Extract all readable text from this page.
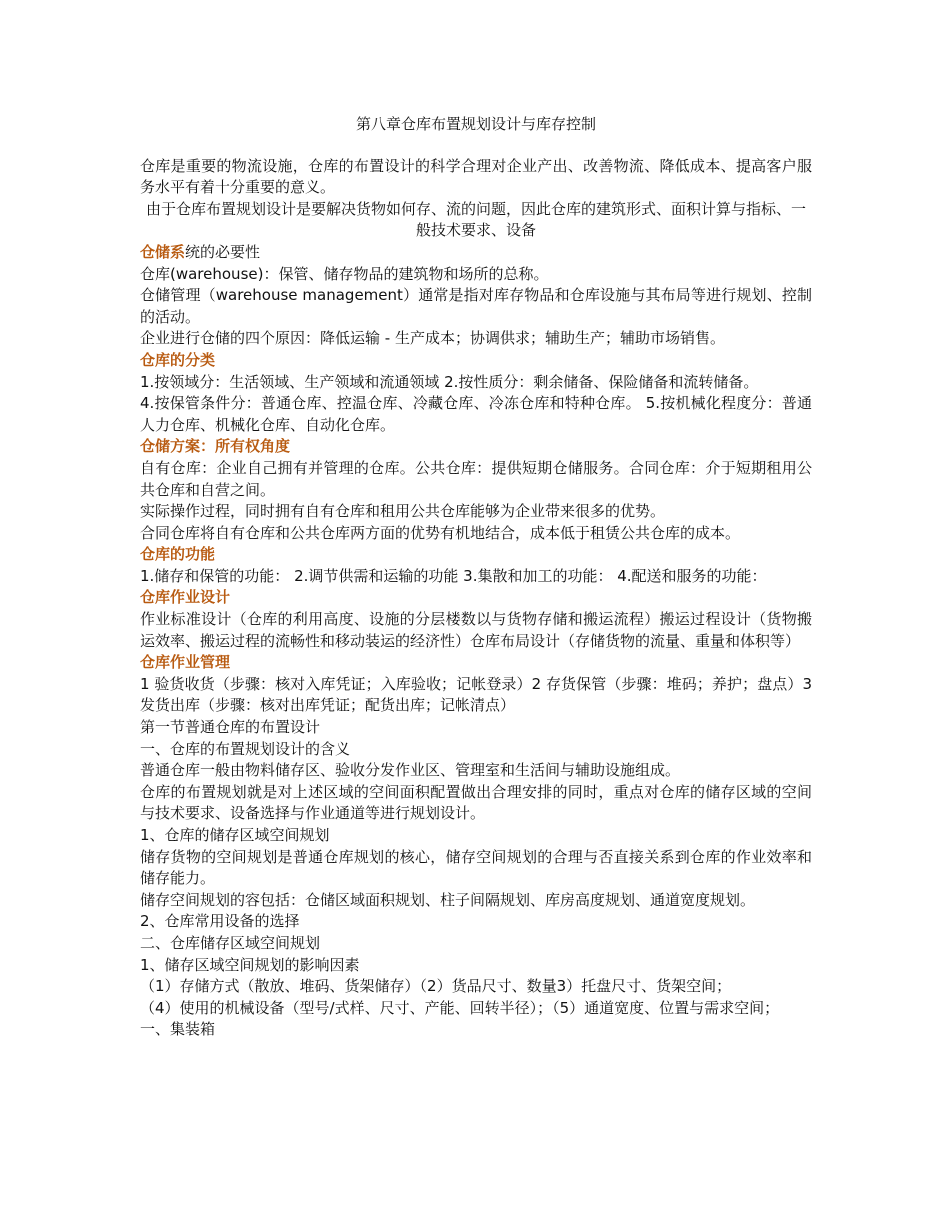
第八章仓库布置规划设计与库存控制

仓库是重要的物流设施，仓库的布置设计的科学合理对企业产出、改善物流、降低成本、提高客户服务水平有着十分重要的意义。

由于仓库布置规划设计是要解决货物如何存、流的问题，因此仓库的建筑形式、面积计算与指标、一般技术要求、设备

仓储系统的必要性

仓库(warehouse)：保管、储存物品的建筑物和场所的总称。

仓储管理（warehouse management）通常是指对库存物品和仓库设施与其布局等进行规划、控制的活动。

企业进行仓储的四个原因：降低运输 - 生产成本；协调供求；辅助生产；辅助市场销售。

仓库的分类

1.按领域分：生活领域、生产领域和流通领域 2.按性质分：剩余储备、保险储备和流转储备。

4.按保管条件分：普通仓库、控温仓库、冷藏仓库、冷冻仓库和特种仓库。 5.按机械化程度分：普通人力仓库、机械化仓库、自动化仓库。

仓储方案：所有权角度

自有仓库：企业自己拥有并管理的仓库。公共仓库：提供短期仓储服务。合同仓库：介于短期租用公共仓库和自营之间。

实际操作过程，同时拥有自有仓库和租用公共仓库能够为企业带来很多的优势。

合同仓库将自有仓库和公共仓库两方面的优势有机地结合，成本低于租赁公共仓库的成本。

仓库的功能

1.储存和保管的功能： 2.调节供需和运输的功能 3.集散和加工的功能： 4.配送和服务的功能：

仓库作业设计

作业标准设计（仓库的利用高度、设施的分层楼数以与货物存储和搬运流程）搬运过程设计（货物搬运效率、搬运过程的流畅性和移动装运的经济性）仓库布局设计（存储货物的流量、重量和体积等）

仓库作业管理

1 验货收货（步骤：核对入库凭证；入库验收；记帐登录）2 存货保管（步骤：堆码；养护；盘点）3 发货出库（步骤：核对出库凭证；配货出库；记帐清点）

第一节普通仓库的布置设计

一、仓库的布置规划设计的含义

普通仓库一般由物料储存区、验收分发作业区、管理室和生活间与辅助设施组成。

仓库的布置规划就是对上述区域的空间面积配置做出合理安排的同时，重点对仓库的储存区域的空间与技术要求、设备选择与作业通道等进行规划设计。

1、仓库的储存区域空间规划

储存货物的空间规划是普通仓库规划的核心，储存空间规划的合理与否直接关系到仓库的作业效率和储存能力。

储存空间规划的容包括：仓储区域面积规划、柱子间隔规划、库房高度规划、通道宽度规划。

2、仓库常用设备的选择

二、仓库储存区域空间规划

1、储存区域空间规划的影响因素

（1）存储方式（散放、堆码、货架储存）（2）货品尺寸、数量3）托盘尺寸、货架空间；

（4）使用的机械设备（型号/式样、尺寸、产能、回转半径）；（5）通道宽度、位置与需求空间；

一、集装箱
